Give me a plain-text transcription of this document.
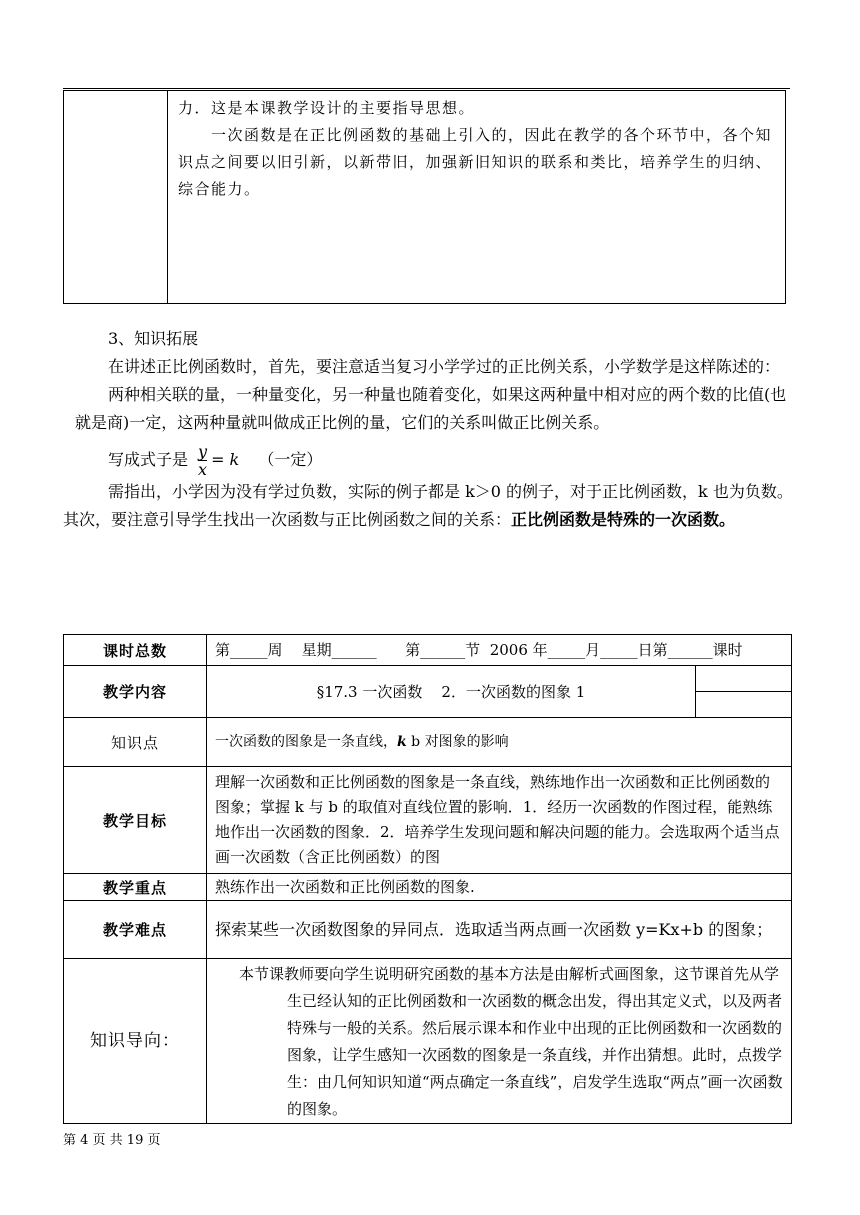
力．这是本课教学设计的主要指导思想。

一次函数是在正比例函数的基础上引入的，因此在教学的各个环节中，各个知识点之间要以旧引新，以新带旧，加强新旧知识的联系和类比，培养学生的归纳、综合能力。

3、知识拓展

在讲述正比例函数时，首先，要注意适当复习小学学过的正比例关系，小学数学是这样陈述的：

两种相关联的量，一种量变化，另一种量也随着变化，如果这两种量中相对应的两个数的比值(也就是商)一定，这两种量就叫做成正比例的量，它们的关系叫做正比例关系。

写成式子是 $\frac{y}{x} = k$ （一定）

需指出，小学因为没有学过负数，实际的例子都是 k＞0 的例子，对于正比例函数，k 也为负数。

其次，要注意引导学生找出一次函数与正比例函数之间的关系：正比例函数是特殊的一次函数。

课时总数	第_____周    星期______      第______节  2006 年_____月_____日第______课时	
教学内容	§17.3 一次函数    2．一次函数的图象 1	

知识点	一次函数的图象是一条直线，k b 对图象的影响	
教学目标	理解一次函数和正比例函数的图象是一条直线，熟练地作出一次函数和正比例函数的图象；掌握 k 与 b 的取值对直线位置的影响．1．经历一次函数的作图过程，能熟练地作出一次函数的图象．2．培养学生发现问题和解决问题的能力。会选取两个适当点画一次函数（含正比例函数）的图	
教学重点	熟练作出一次函数和正比例函数的图象.	
教学难点	探索某些一次函数图象的异同点．选取适当两点画一次函数 y=Kx+b 的图象；	
知识导向：	本节课教师要向学生说明研究函数的基本方法是由解析式画图象，这节课首先从学生已经认知的正比例函数和一次函数的概念出发，得出其定义式，以及两者特殊与一般的关系。然后展示课本和作业中出现的正比例函数和一次函数的图象，让学生感知一次函数的图象是一条直线，并作出猜想。此时，点拨学生：由几何知识知道“两点确定一条直线”，启发学生选取“两点”画一次函数的图象。	
第 4 页 共 19 页
